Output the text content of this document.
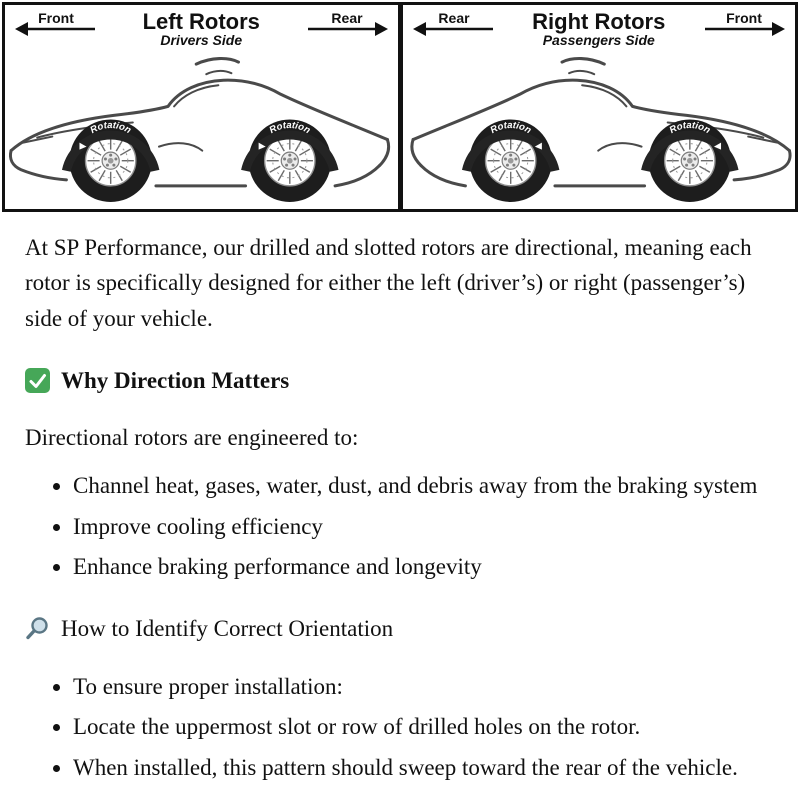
Front	Left Rotors
Drivers Side
Rear
Rotation	Rotation
Rear	Right Rotors
Passengers Side
Front
Rotation	Rotation

At SP Performance, our drilled and slotted rotors are directional, meaning each rotor is specifically designed for either the left (driver’s) or right (passenger’s) side of your vehicle.

Why Direction Matters

Directional rotors are engineered to:

• Channel heat, gases, water, dust, and debris away from the braking system
• Improve cooling efficiency
• Enhance braking performance and longevity
How to Identify Correct Orientation
• To ensure proper installation:
• Locate the uppermost slot or row of drilled holes on the rotor.
• When installed, this pattern should sweep toward the rear of the vehicle.
